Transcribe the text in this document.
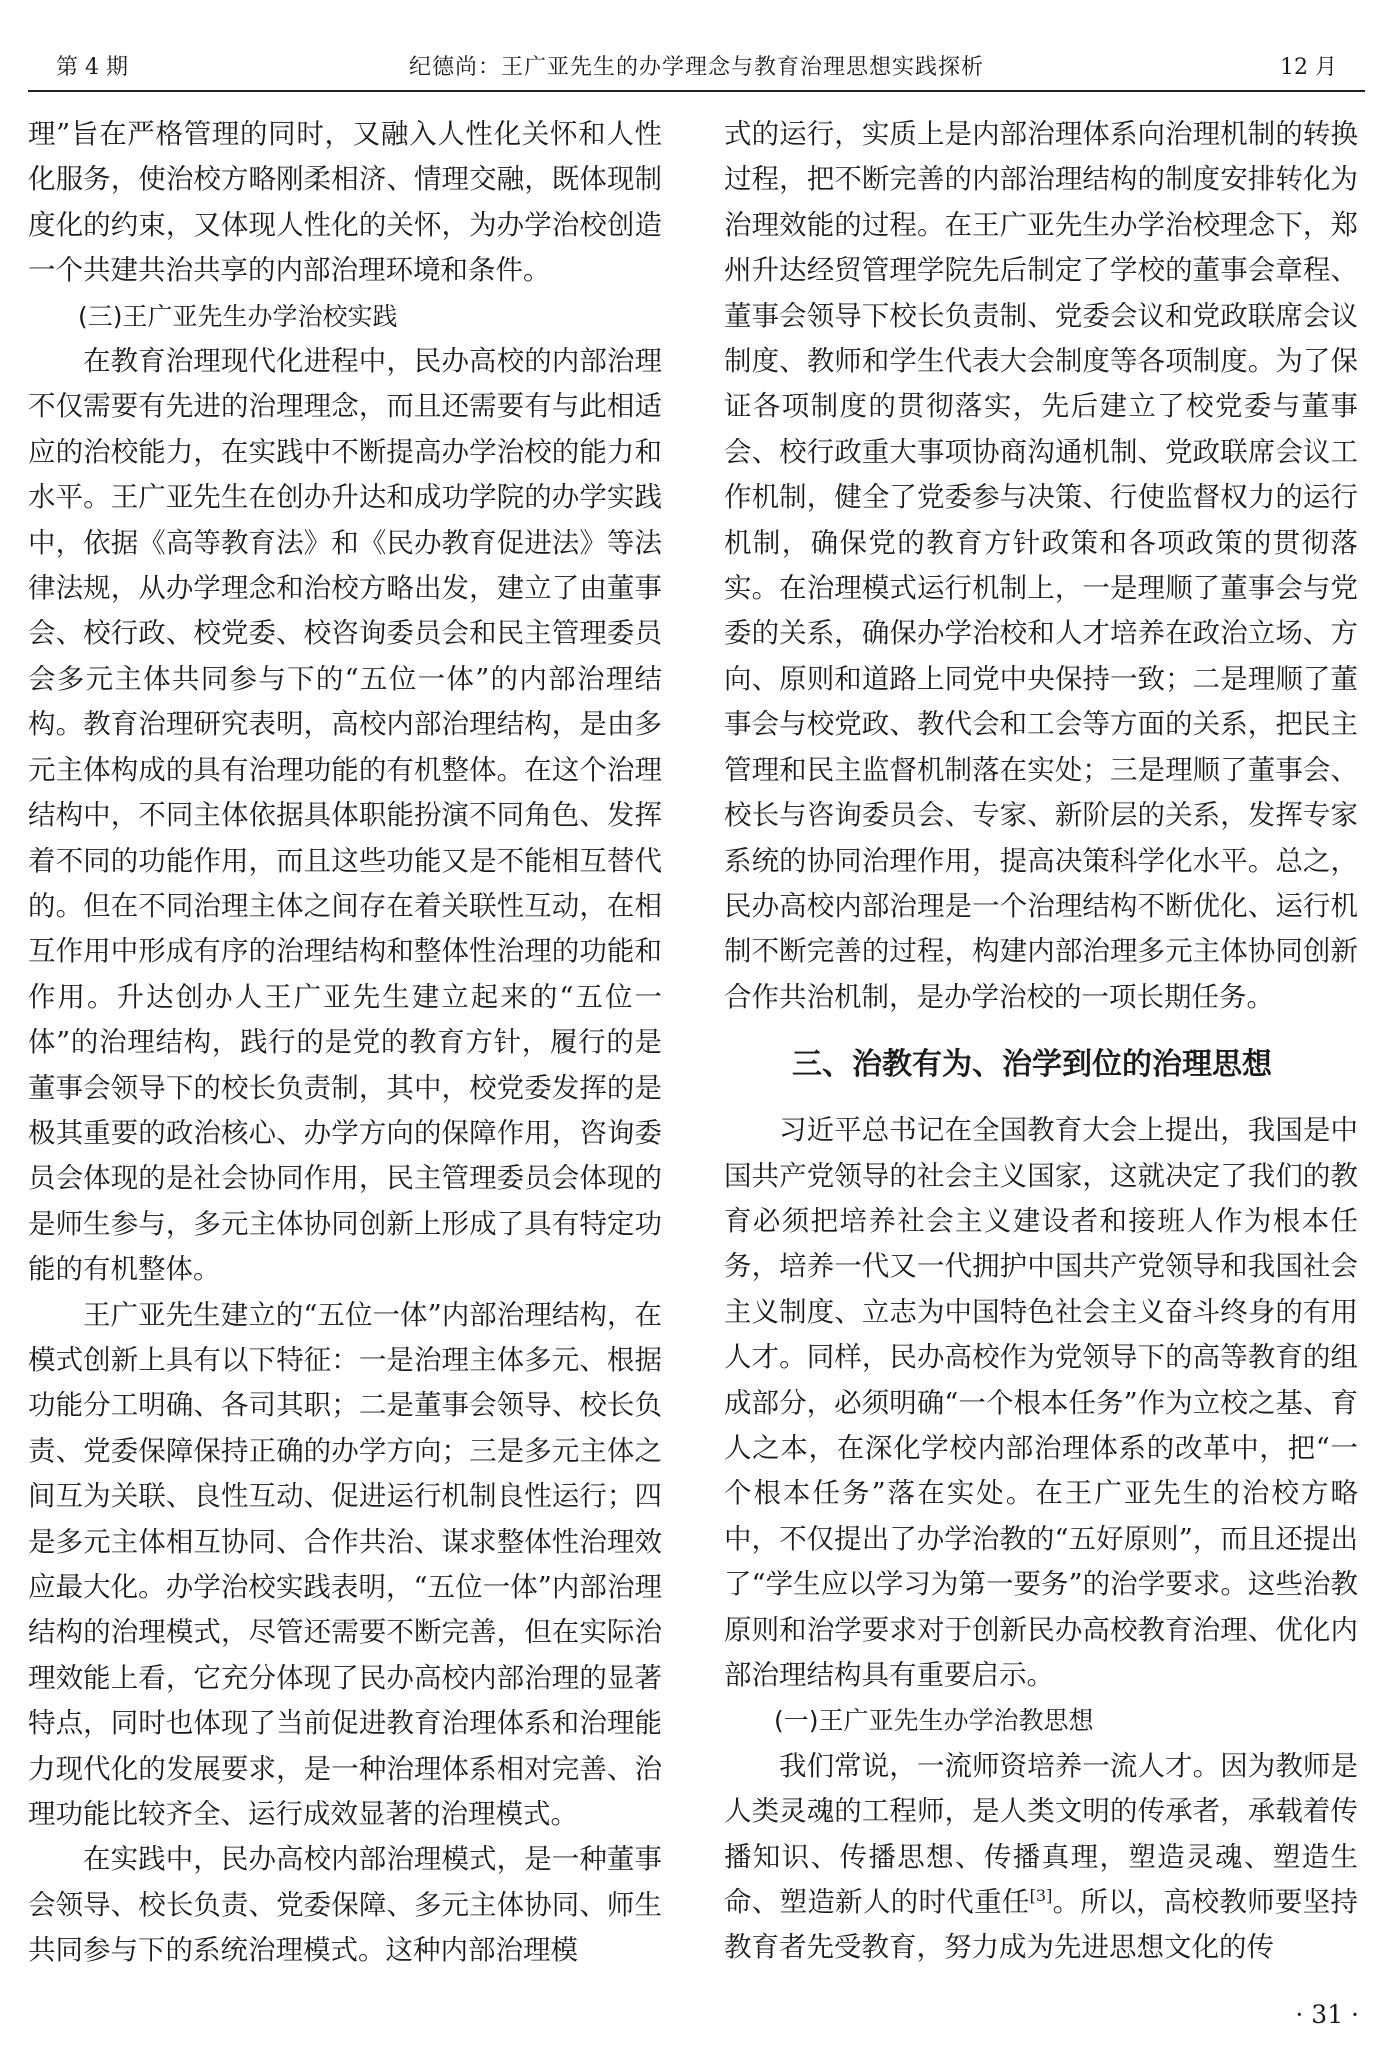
第 4 期	纪德尚：王广亚先生的办学理念与教育治理思想实践探析	12 月

理”旨在严格管理的同时，又融入人性化关怀和人性化服务，使治校方略刚柔相济、情理交融，既体现制度化的约束，又体现人性化的关怀，为办学治校创造一个共建共治共享的内部治理环境和条件。

(三)王广亚先生办学治校实践

在教育治理现代化进程中，民办高校的内部治理不仅需要有先进的治理理念，而且还需要有与此相适应的治校能力，在实践中不断提高办学治校的能力和水平。王广亚先生在创办升达和成功学院的办学实践中，依据《高等教育法》和《民办教育促进法》等法律法规，从办学理念和治校方略出发，建立了由董事会、校行政、校党委、校咨询委员会和民主管理委员会多元主体共同参与下的“五位一体”的内部治理结构。教育治理研究表明，高校内部治理结构，是由多元主体构成的具有治理功能的有机整体。在这个治理结构中，不同主体依据具体职能扮演不同角色、发挥着不同的功能作用，而且这些功能又是不能相互替代的。但在不同治理主体之间存在着关联性互动，在相互作用中形成有序的治理结构和整体性治理的功能和作用。升达创办人王广亚先生建立起来的“五位一体”的治理结构，践行的是党的教育方针，履行的是董事会领导下的校长负责制，其中，校党委发挥的是极其重要的政治核心、办学方向的保障作用，咨询委员会体现的是社会协同作用，民主管理委员会体现的是师生参与，多元主体协同创新上形成了具有特定功能的有机整体。

王广亚先生建立的“五位一体”内部治理结构，在模式创新上具有以下特征：一是治理主体多元、根据功能分工明确、各司其职；二是董事会领导、校长负责、党委保障保持正确的办学方向；三是多元主体之间互为关联、良性互动、促进运行机制良性运行；四是多元主体相互协同、合作共治、谋求整体性治理效应最大化。办学治校实践表明，“五位一体”内部治理结构的治理模式，尽管还需要不断完善，但在实际治理效能上看，它充分体现了民办高校内部治理的显著特点，同时也体现了当前促进教育治理体系和治理能力现代化的发展要求，是一种治理体系相对完善、治理功能比较齐全、运行成效显著的治理模式。

在实践中，民办高校内部治理模式，是一种董事会领导、校长负责、党委保障、多元主体协同、师生共同参与下的系统治理模式。这种内部治理模

式的运行，实质上是内部治理体系向治理机制的转换过程，把不断完善的内部治理结构的制度安排转化为治理效能的过程。在王广亚先生办学治校理念下，郑州升达经贸管理学院先后制定了学校的董事会章程、董事会领导下校长负责制、党委会议和党政联席会议制度、教师和学生代表大会制度等各项制度。为了保证各项制度的贯彻落实，先后建立了校党委与董事会、校行政重大事项协商沟通机制、党政联席会议工作机制，健全了党委参与决策、行使监督权力的运行机制，确保党的教育方针政策和各项政策的贯彻落实。在治理模式运行机制上，一是理顺了董事会与党委的关系，确保办学治校和人才培养在政治立场、方向、原则和道路上同党中央保持一致；二是理顺了董事会与校党政、教代会和工会等方面的关系，把民主管理和民主监督机制落在实处；三是理顺了董事会、校长与咨询委员会、专家、新阶层的关系，发挥专家系统的协同治理作用，提高决策科学化水平。总之，民办高校内部治理是一个治理结构不断优化、运行机制不断完善的过程，构建内部治理多元主体协同创新合作共治机制，是办学治校的一项长期任务。

三、治教有为、治学到位的治理思想

习近平总书记在全国教育大会上提出，我国是中国共产党领导的社会主义国家，这就决定了我们的教育必须把培养社会主义建设者和接班人作为根本任务，培养一代又一代拥护中国共产党领导和我国社会主义制度、立志为中国特色社会主义奋斗终身的有用人才。同样，民办高校作为党领导下的高等教育的组成部分，必须明确“一个根本任务”作为立校之基、育人之本，在深化学校内部治理体系的改革中，把“一个根本任务”落在实处。在王广亚先生的治校方略中，不仅提出了办学治教的“五好原则”，而且还提出了“学生应以学习为第一要务”的治学要求。这些治教原则和治学要求对于创新民办高校教育治理、优化内部治理结构具有重要启示。

(一)王广亚先生办学治教思想

我们常说，一流师资培养一流人才。因为教师是人类灵魂的工程师，是人类文明的传承者，承载着传播知识、传播思想、传播真理，塑造灵魂、塑造生命、塑造新人的时代重任[3]。所以，高校教师要坚持教育者先受教育，努力成为先进思想文化的传

· 31 ·
